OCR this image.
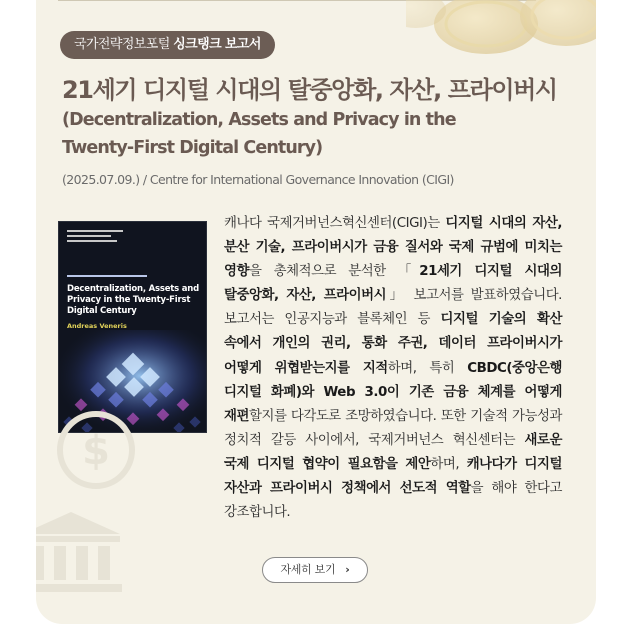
국가전략정보포털 싱크탱크 보고서
21세기 디지털 시대의 탈중앙화, 자산, 프라이버시
(Decentralization, Assets and Privacy in the
Twenty-First Digital Century)

(2025.07.09.) / Centre for International Governance Innovation (CIGI)

Decentralization, Assets and Privacy in the Twenty-First Digital Century
Andreas Veneris

캐나다 국제거버넌스혁신센터(CIGI)는 디지털 시대의 자산, 분산 기술, 프라이버시가 금융 질서와 국제 규범에 미치는 영향을 총체적으로 분석한 「21세기 디지털 시대의 탈중앙화, 자산, 프라이버시」 보고서를 발표하였습니다. 보고서는 인공지능과 블록체인 등 디지털 기술의 확산 속에서 개인의 권리, 통화 주권, 데이터 프라이버시가 어떻게 위협받는지를 지적하며, 특히 CBDC(중앙은행 디지털 화폐)와 Web 3.0이 기존 금융 체계를 어떻게 재편할지를 다각도로 조망하였습니다. 또한 기술적 가능성과 정치적 갈등 사이에서, 국제거버넌스 혁신센터는 새로운 국제 디지털 협약이 필요함을 제안하며, 캐나다가 디지털 자산과 프라이버시 정책에서 선도적 역할을 해야 한다고 강조합니다.

$
자세히 보기 ›
